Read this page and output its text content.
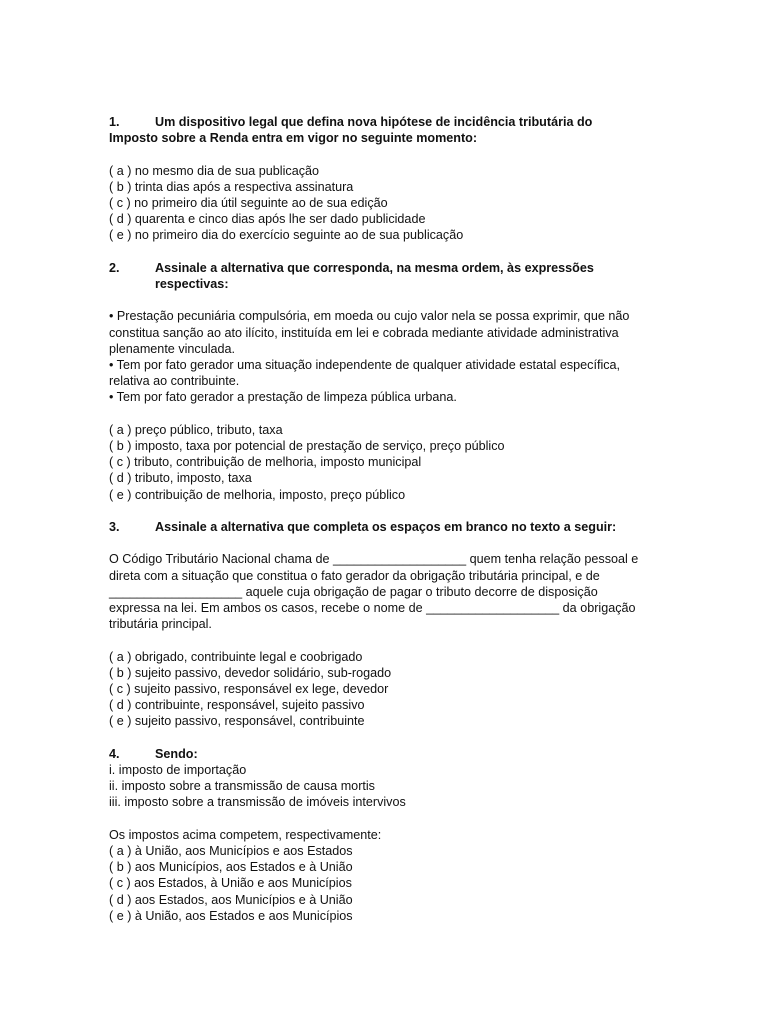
1.	Um dispositivo legal que defina nova hipótese de incidência tributária do
Imposto sobre a Renda entra em vigor no seguinte momento:
( a ) no mesmo dia de sua publicação
( b ) trinta dias após a respectiva assinatura
( c ) no primeiro dia útil seguinte ao de sua edição
( d ) quarenta e cinco dias após lhe ser dado publicidade
( e ) no primeiro dia do exercício seguinte ao de sua publicação
2.	Assinale a alternativa que corresponda, na mesma ordem, às expressões respectivas:
• Prestação pecuniária compulsória, em moeda ou cujo valor nela se possa exprimir, que não
constitua sanção ao ato ilícito, instituída em lei e cobrada mediante atividade administrativa
plenamente vinculada.
• Tem por fato gerador uma situação independente de qualquer atividade estatal específica,
relativa ao contribuinte.
• Tem por fato gerador a prestação de limpeza pública urbana.
( a ) preço público, tributo, taxa
( b ) imposto, taxa por potencial de prestação de serviço, preço público
( c ) tributo, contribuição de melhoria, imposto municipal
( d ) tributo, imposto, taxa
( e ) contribuição de melhoria, imposto, preço público
3.	Assinale a alternativa que completa os espaços em branco no texto a seguir:
O Código Tributário Nacional chama de ___________________ quem tenha relação pessoal e
direta com a situação que constitua o fato gerador da obrigação tributária principal, e de
___________________ aquele cuja obrigação de pagar o tributo decorre de disposição
expressa na lei. Em ambos os casos, recebe o nome de ___________________ da obrigação
tributária principal.
( a ) obrigado, contribuinte legal e coobrigado
( b ) sujeito passivo, devedor solidário, sub-rogado
( c ) sujeito passivo, responsável ex lege, devedor
( d ) contribuinte, responsável, sujeito passivo
( e ) sujeito passivo, responsável, contribuinte
4.	Sendo:
i. imposto de importação
ii. imposto sobre a transmissão de causa mortis
iii. imposto sobre a transmissão de imóveis intervivos
Os impostos acima competem, respectivamente:
( a ) à União, aos Municípios e aos Estados
( b ) aos Municípios, aos Estados e à União
( c ) aos Estados, à União e aos Municípios
( d ) aos Estados, aos Municípios e à União
( e ) à União, aos Estados e aos Municípios
